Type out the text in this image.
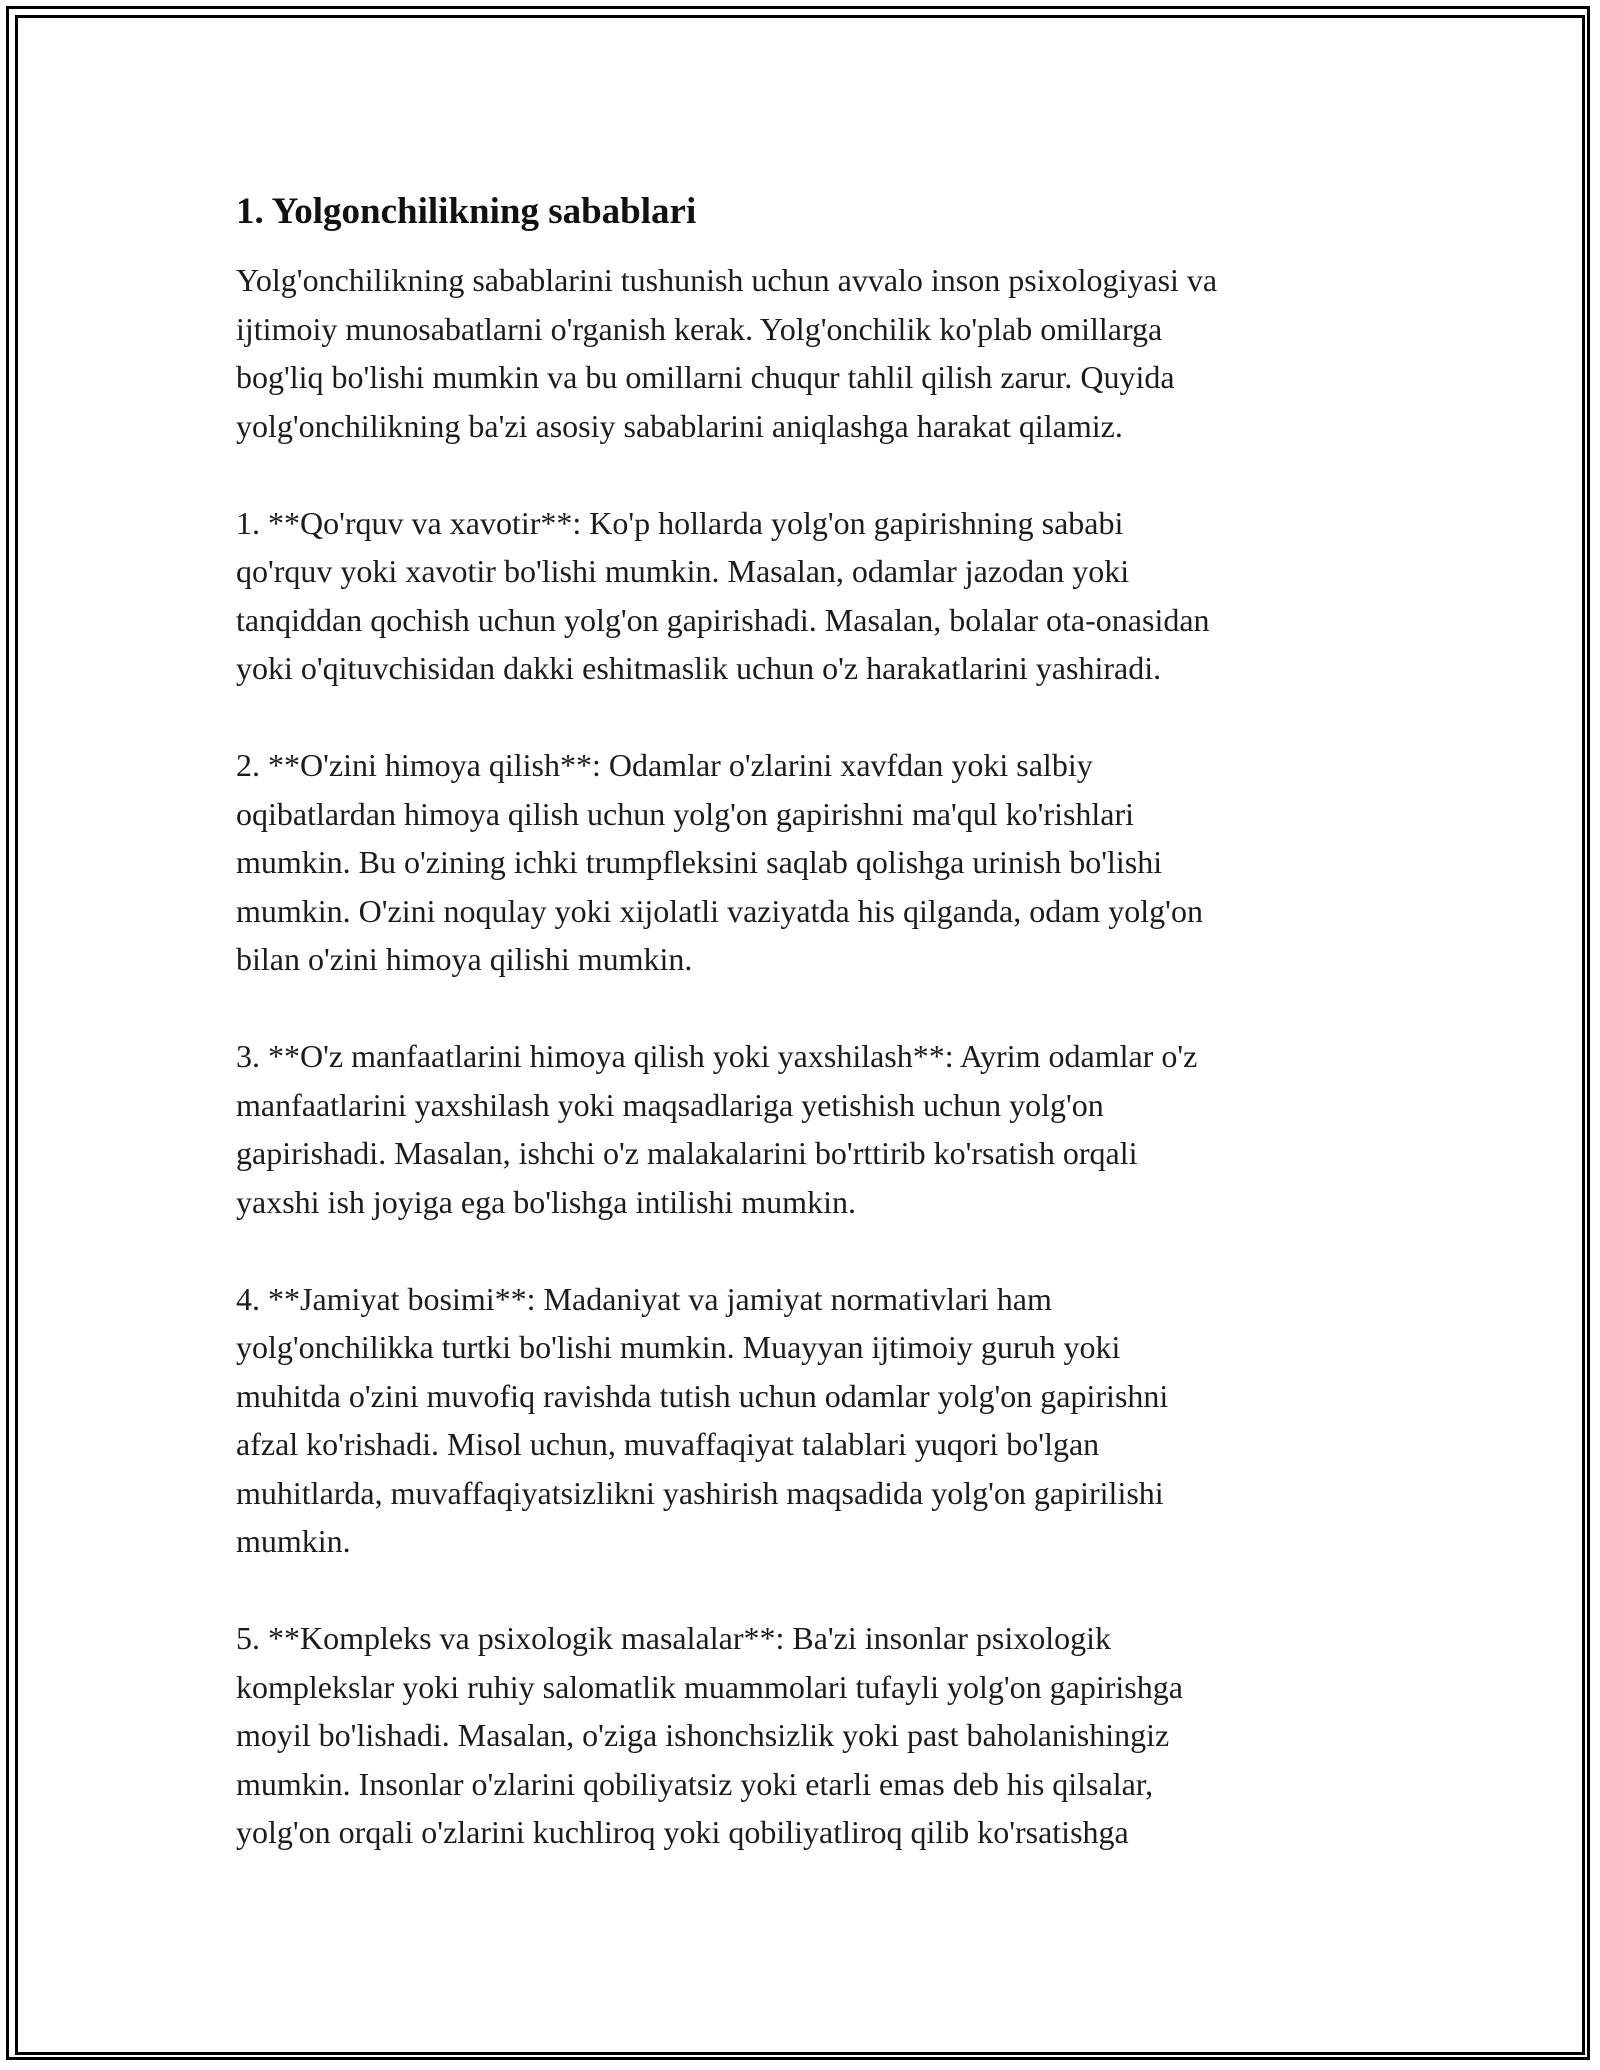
1. Yolgonchilikning sabablari

Yolg'onchilikning sabablarini tushunish uchun avvalo inson psixologiyasi va
ijtimoiy munosabatlarni o'rganish kerak. Yolg'onchilik ko'plab omillarga
bog'liq bo'lishi mumkin va bu omillarni chuqur tahlil qilish zarur. Quyida
yolg'onchilikning ba'zi asosiy sabablarini aniqlashga harakat qilamiz.

1. **Qo'rquv va xavotir**: Ko'p hollarda yolg'on gapirishning sababi
qo'rquv yoki xavotir bo'lishi mumkin. Masalan, odamlar jazodan yoki
tanqiddan qochish uchun yolg'on gapirishadi. Masalan, bolalar ota-onasidan
yoki o'qituvchisidan dakki eshitmaslik uchun o'z harakatlarini yashiradi.

2. **O'zini himoya qilish**: Odamlar o'zlarini xavfdan yoki salbiy
oqibatlardan himoya qilish uchun yolg'on gapirishni ma'qul ko'rishlari
mumkin. Bu o'zining ichki trumpfleksini saqlab qolishga urinish bo'lishi
mumkin. O'zini noqulay yoki xijolatli vaziyatda his qilganda, odam yolg'on
bilan o'zini himoya qilishi mumkin.

3. **O'z manfaatlarini himoya qilish yoki yaxshilash**: Ayrim odamlar o'z
manfaatlarini yaxshilash yoki maqsadlariga yetishish uchun yolg'on
gapirishadi. Masalan, ishchi o'z malakalarini bo'rttirib ko'rsatish orqali
yaxshi ish joyiga ega bo'lishga intilishi mumkin.

4. **Jamiyat bosimi**: Madaniyat va jamiyat normativlari ham
yolg'onchilikka turtki bo'lishi mumkin. Muayyan ijtimoiy guruh yoki
muhitda o'zini muvofiq ravishda tutish uchun odamlar yolg'on gapirishni
afzal ko'rishadi. Misol uchun, muvaffaqiyat talablari yuqori bo'lgan
muhitlarda, muvaffaqiyatsizlikni yashirish maqsadida yolg'on gapirilishi
mumkin.

5. **Kompleks va psixologik masalalar**: Ba'zi insonlar psixologik
komplekslar yoki ruhiy salomatlik muammolari tufayli yolg'on gapirishga
moyil bo'lishadi. Masalan, o'ziga ishonchsizlik yoki past baholanishingiz
mumkin. Insonlar o'zlarini qobiliyatsiz yoki etarli emas deb his qilsalar,
yolg'on orqali o'zlarini kuchliroq yoki qobiliyatliroq qilib ko'rsatishga
